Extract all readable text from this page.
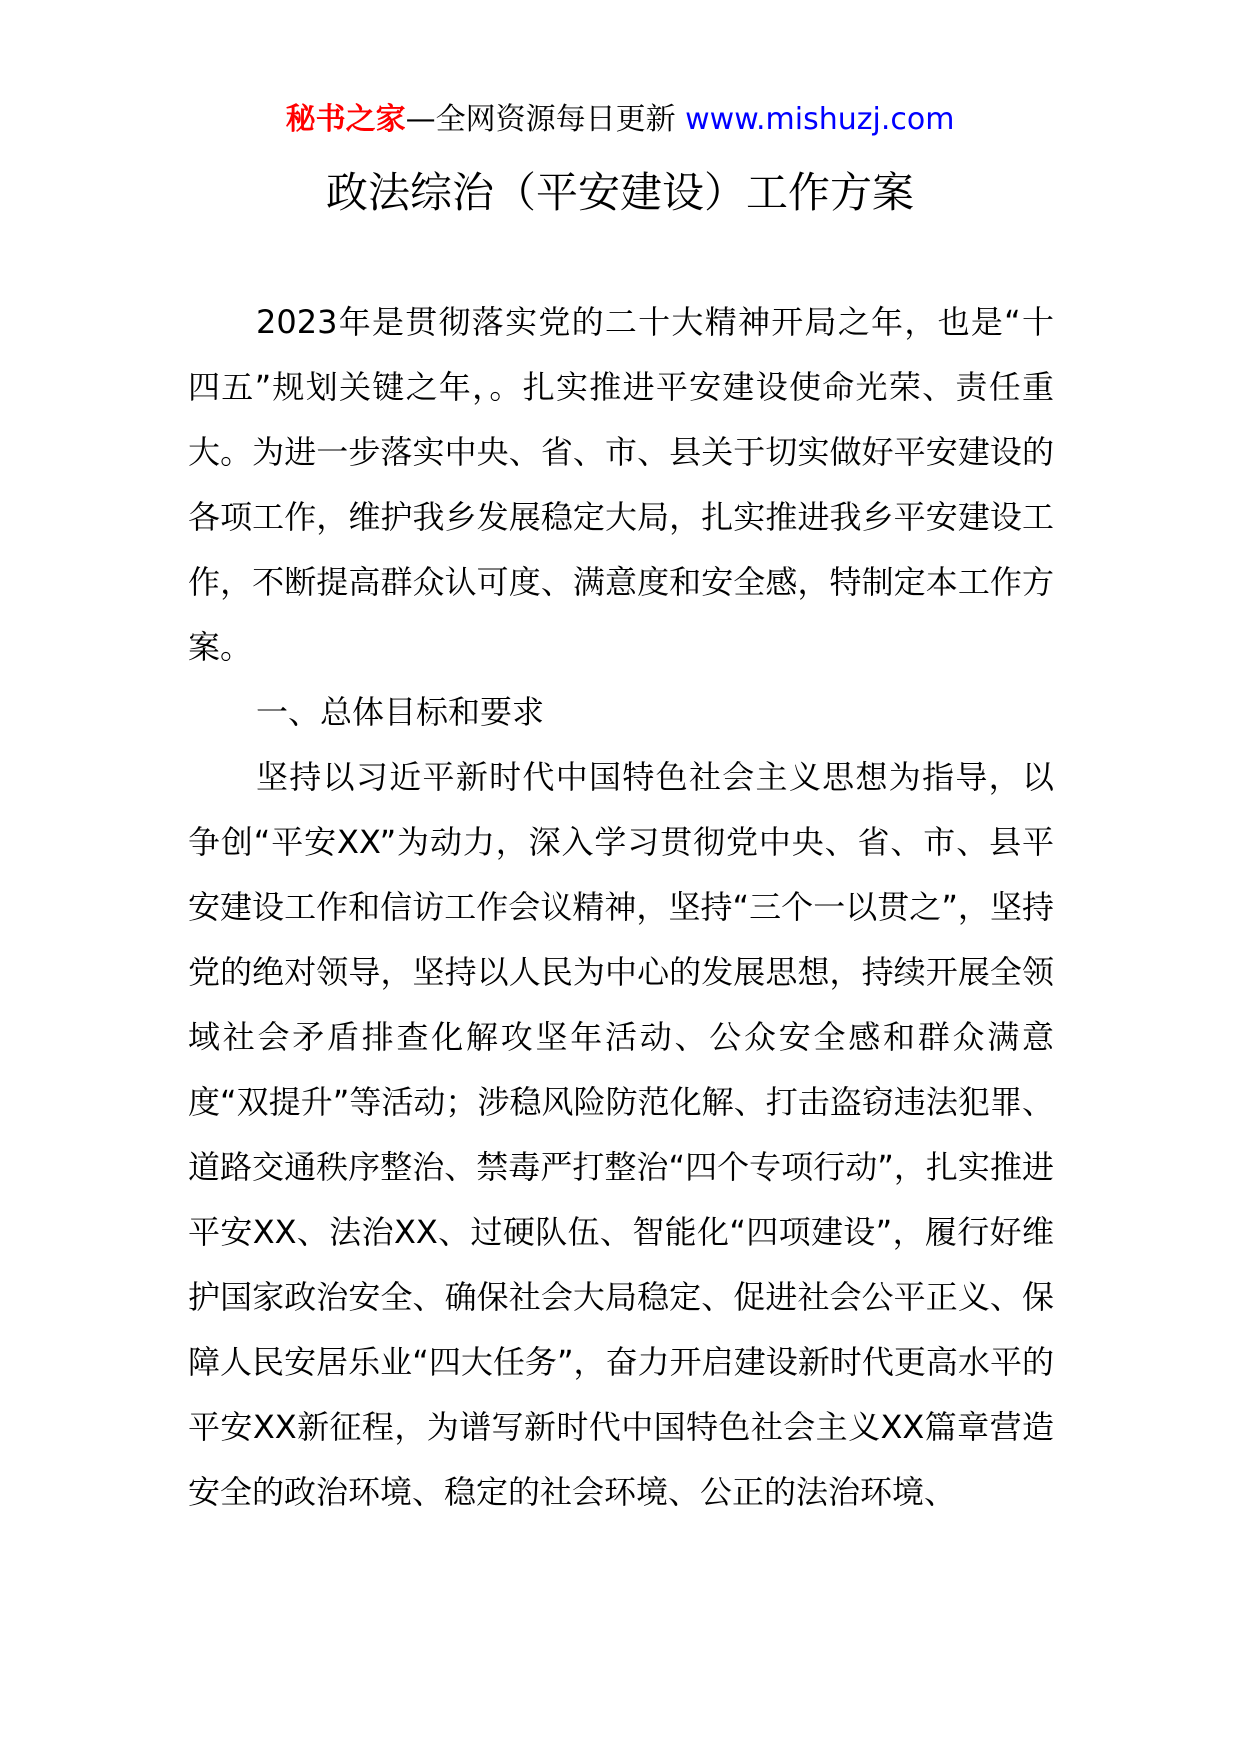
秘书之家—全网资源每日更新 www.mishuzj.com
政法综治（平安建设）工作方案

2023年是贯彻落实党的二十大精神开局之年，也是“十四五”规划关键之年，。扎实推进平安建设使命光荣、责任重大。为进一步落实中央、省、市、县关于切实做好平安建设的各项工作，维护我乡发展稳定大局，扎实推进我乡平安建设工作，不断提高群众认可度、满意度和安全感，特制定本工作方案。

一、总体目标和要求

坚持以习近平新时代中国特色社会主义思想为指导，以争创“平安XX”为动力，深入学习贯彻党中央、省、市、县平安建设工作和信访工作会议精神，坚持“三个一以贯之”，坚持党的绝对领导，坚持以人民为中心的发展思想，持续开展全领域社会矛盾排查化解攻坚年活动、公众安全感和群众满意度“双提升”等活动；涉稳风险防范化解、打击盗窃违法犯罪、道路交通秩序整治、禁毒严打整治“四个专项行动”，扎实推进平安XX、法治XX、过硬队伍、智能化“四项建设”，履行好维护国家政治安全、确保社会大局稳定、促进社会公平正义、保障人民安居乐业“四大任务”，奋力开启建设新时代更高水平的平安XX新征程，为谱写新时代中国特色社会主义XX篇章营造安全的政治环境、稳定的社会环境、公正的法治环境、
